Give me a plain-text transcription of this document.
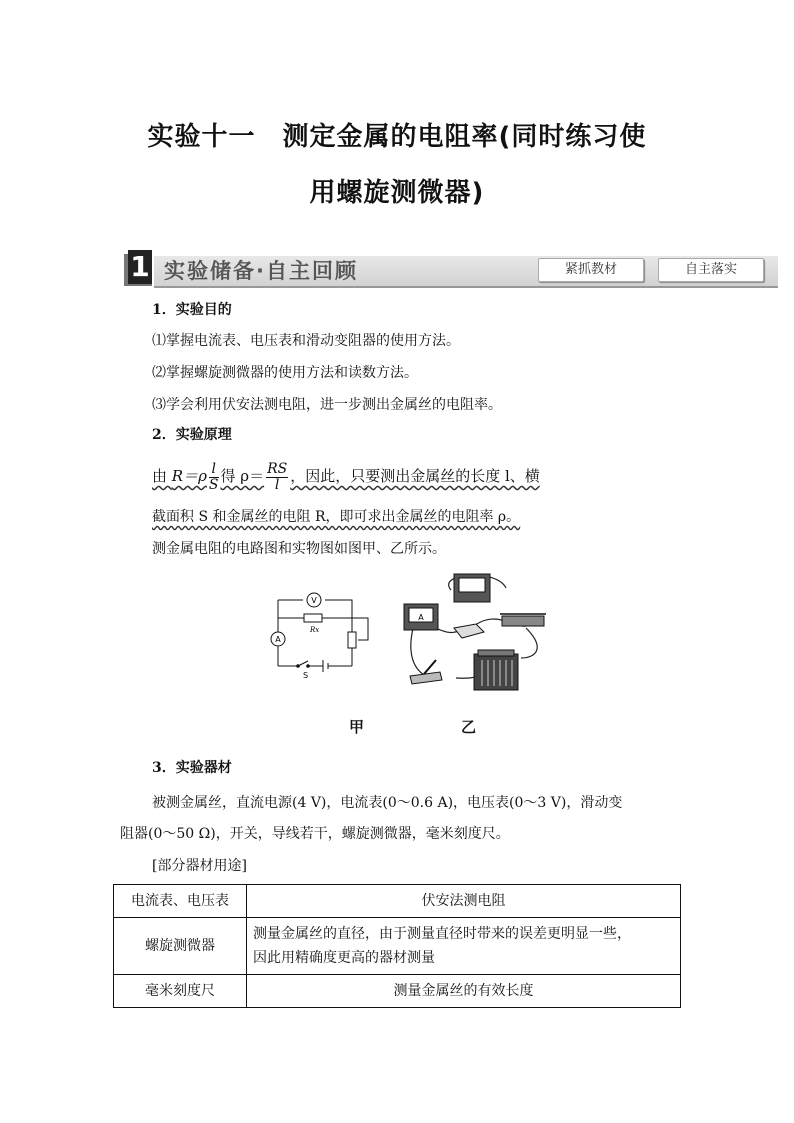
实验十一　测定金属的电阻率(同时练习使
用螺旋测微器)
1 实验储备·自主回顾	紧抓教材	自主落实
1．实验目的
⑴掌握电流表、电压表和滑动变阻器的使用方法。
⑵掌握螺旋测微器的使用方法和读数方法。
⑶学会利用伏安法测电阻，进一步测出金属丝的电阻率。
2．实验原理
由 $R=\rho \frac{l}{S}$ 得 $\rho= \frac{RS}{l}$ ，因此，只要测出金属丝的长度 l、横
截面积 S 和金属丝的电阻 R，即可求出金属丝的电阻率 ρ。
测金属电阻的电路图和实物图如图甲、乙所示。
V
A
Rx
S
A
甲	乙
3．实验器材
被测金属丝，直流电源(4 V)，电流表(0～0.6 A)，电压表(0～3 V)，滑动变
阻器(0～50 Ω)，开关，导线若干，螺旋测微器，毫米刻度尺。
[部分器材用途]
电流表、电压表	伏安法测电阻
螺旋测微器	测量金属丝的直径，由于测量直径时带来的误差更明显一些，
因此用精确度更高的器材测量

毫米刻度尺	测量金属丝的有效长度
